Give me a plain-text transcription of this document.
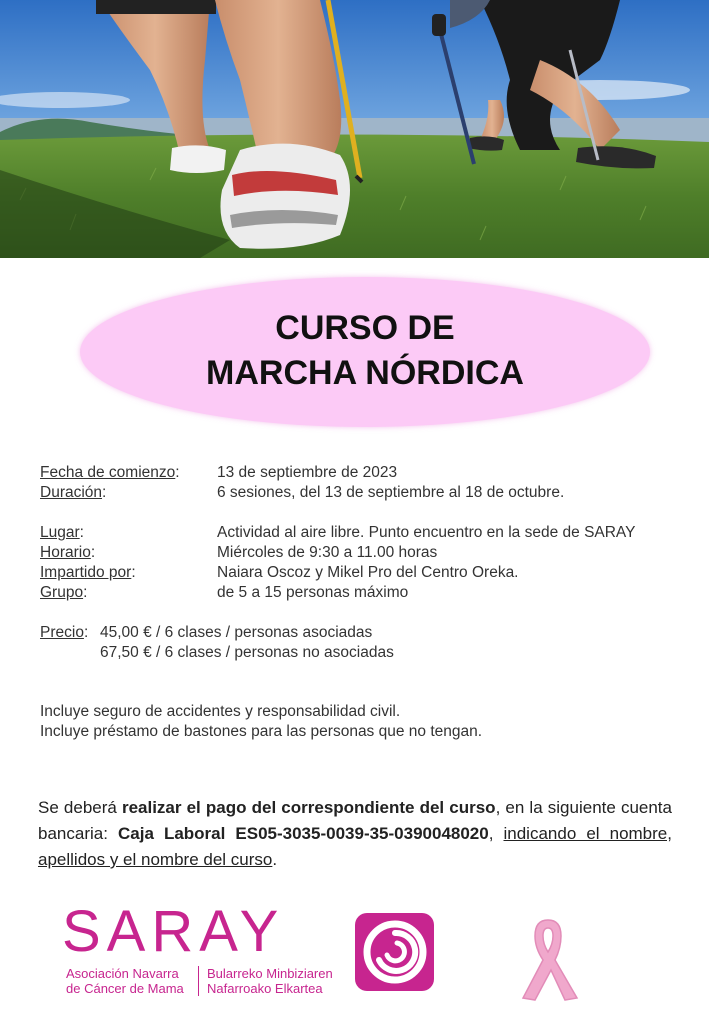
CURSO DE
MARCHA NÓRDICA
Fecha de comienzo: 13 de septiembre de 2023
Duración:	6 sesiones, del 13 de septiembre al 18 de octubre.
Lugar:	Actividad al aire libre. Punto encuentro en la sede de SARAY
Horario:	Miércoles de 9:30 a 11.00 horas
Impartido por:	Naiara Oscoz y Mikel Pro del Centro Oreka.
Grupo:	de 5 a 15 personas máximo
Precio: 45,00 € / 6 clases / personas asociadas
67,50 € / 6 clases / personas no asociadas
Incluye seguro de accidentes y responsabilidad civil.
Incluye préstamo de bastones para las personas que no tengan.
Se deberá realizar el pago del correspondiente del curso, en la siguiente cuenta bancaria: Caja Laboral ES05-3035-0039-35-0390048020, indicando el nombre, apellidos y el nombre del curso.
SARAY
Asociación Navarra
de Cáncer de Mama
Bularreko Minbiziaren
Nafarroako Elkartea
